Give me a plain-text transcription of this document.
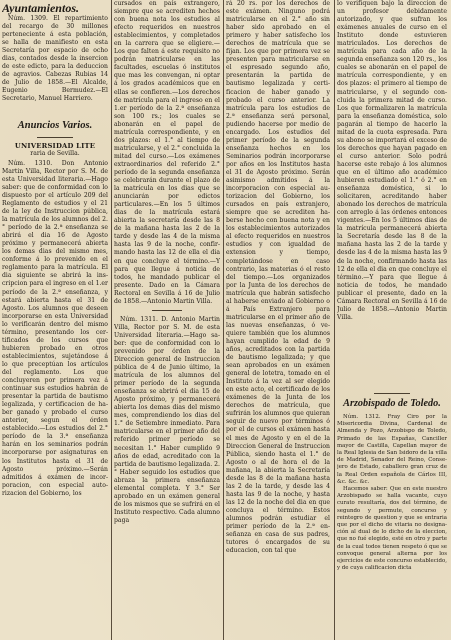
Ayuntamientos.

Núm. 1309. El repartimiento del recargo de 30 millones perteneciente á esta población, se halla de manifiesto en esta Secretaría por espacio de ocho dias, contados desde la insercion de este edicto, para la deduccion de agravios. Cabezas Rubias 14 de Julio de 1858.—El Alcalde, Eugenio Bermudez.—El Secretario, Manuel Harriero.

Anuncios Varios.

UNIVERSIDAD LITE

raria de Sevilla.

Núm. 1310. Don Antonio Martin Villa, Rector por S. M. de esta Universidad literaria.—Hago saber: que de conformidad con lo dispuesto por el artículo 209 del Reglamento de estudios y el 21 de la ley de Instruccion pública, la matrícula de los alumnos del 2.° período de la 2.ª enseñanza se abrirá el dia 16 de Agosto próximo y permanecerá abierta los demas dias del mismo mes, conforme á lo prevenido en el reglamento para la matrícula. El dia siguiente se abrirá la inscripcion para el ingreso en el 1.er período de la 2.ª enseñanza, y estará abierta hasta el 31 de Agosto. Los alumnos que deseen incorporarse en esta Universidad lo verificarán dentro del mismo término, presentando los certificados de los cursos que hubieren probado en otros establecimientos, sujetándose á lo que preceptúan los artículos del reglamento. Los que concluyeren por primera vez á continuar sus estudios habrán de presentar la partida de bautismo legalizada, y certificacion de haber ganado y probado el curso anterior, segun el órden establecido.—Los estudios del 2.° período de la 3.ª enseñanza harán en los seminarios podrán incorporarse por asignaturas en los Institutos hasta el 31 de Agosto próximo.—Serán admitidos á exámen de incorporacion, con especial autorizacion del Gobierno, los

cursados en país extrangero, siempre que se acrediten hechos con buena nota los estudios al efecto requeridos en nuestros establecimientos, y completados en la carrera que se eligiere.—Los que falten á este requisito no podrán matricularse en las facultades, escuelas ó institutos que mas les convengan, ni optar á los grados académicos que en ellas se confieren.—Los derechos de matrícula para el ingreso en el 1.er período de la 2.ª enseñanza son 100 rs.; los cuales se abonarán en el papel de matrícula correspondiente, y en dos plazos: el 1.° al tiempo de matricularse, y el 2.° concluida la mitad del curso.—Los exámenes extraordinarios del referido 2.° período de la segunda enseñanza se celebrarán durante el plazo de la matrícula en los dias que se anunciarán por edictos particulares.—En los 5 últimos dias de la matrícula estará abierta la secretaría desde las 8 de la mañana hasta las 2 de la tarde y desde las 4 de la misma hasta las 9 de la noche, confirmando hasta las 12 de ella el dia en que concluye el término.—Y para que llegue á noticia de todos, he mandado publicar el presente. Dado en la Cámara Rectoral en Sevilla á 16 de Julio de 1858.—Antonio Martin Villa.

Núm. 1311. D. Antonio Martin Villa, Rector por S. M. de esta Universidad literaria.—Hago saber: que de conformidad con lo prevenido por órden de la Direccion general de Instruccion pública de 4 de Junio último, la matrícula de los alumnos del primer período de la segunda enseñanza se abrirá el dia 15 de Agosto próximo, y permanecerá abierta los demas dias del mismo mes, comprendiendo los dias del 1.° de Setiembre inmediato. Para matricularse en el primer año del referido primer período se necesitan 1.° Haber cumplido 9 años de edad, acreditado con la partida de bautismo legalizada. 2.° Haber seguido los estudios que abraza la primera enseñanza elemental completa. Y 3.° Ser aprobado en un exámen general de los mismos que se sufrirá en el Instituto respectivo. Cada alumno paga

rá 20 rs. por los derechos de este exámen. Ninguno podrá matricularse en el 2.° año sin haber sido aprobado en el primero y haber satisfecho los derechos de matrícula que se fijan. Los que por primera vez se presenten para matricularse en el espresado segundo año, presentarán la partida de bautismo legalizada y certificacion de haber ganado y probado el curso anterior. La matrícula para los estudios de 2.ª enseñanza será personal, pudiendo hacerse por medio de encargado. Los estudios del primer período de la segunda enseñanza hechos en los Seminarios podrán incorporarse por años en los Institutos hasta el 31 de Agosto próximo. Serán asimismo admitidos á la incorporacion con especial autorizacion del Gobierno, los cursados en país extranjero, siempre que se acrediten haberse hecho con buena nota y en los establecimientos autorizados al efecto requeridos en nuestros estudios y con igualdad de extension y tiempo, completándose en caso contrario, las materias ó el resto del tiempo.—Los organizados por la Junta de los derechos de matrícula que habrán satisfecho al haberse enviado al Gobierno o á País Extranjero para matricularse en el primer año de las nuevas enseñanzas, ó vequiere también que los alumnos hayan cumplido la edad de 9 años, acreditados con la partida de bautismo legalizada; y que sean aprobados en un exámen general de lotetra, tomado en el Instituto á la vez al ser elegido en este acto, el certificado de los exámenes de la Junta de los derechos de matrícula, que sufrirán los alumnos que quieran seguir de nuevo por términos ó por el de cursos el exámen hasta el mes de Agosto y en el de la Direccion General de Instruccion Pública, siendo hasta el 1.° de Agosto o al de hora el de la mañana, la abierta la Secretaría desde las 8 de la mañana hasta las 2 de la tarde, y desde las 4 hasta las 9 de la noche, y hasta las 12 de la noche del dia en que concluya el término. Estos alumnos podrán estudiar el primer período de la 2.ª enseñanza en casa de sus padres, tutores ó encargados de su educacion, con tal que

lo verifiquen bajo la direccion de un profesor debidamente autorizado, y que sufran los exámenes anuales de curso en el Instituto donde estuvieren matriculados. Los derechos de matrícula para cada año de la segunda enseñanza son 120 rs., los cuales se abonarán en el papel de matrícula correspondiente, y en dos plazos: el primero al tiempo de matricularse, y el segundo concluida la primera mitad de curso. Los que formalizaren la matrícula para la enseñanza doméstica, solo pagarán al tiempo de hacerlo la mitad de la cuota espresada. Para su abono se importará el exceso de los derechos que hayan pagado en el curso anterior. Solo podrá hacerse este rebajo á los alumnos que en el último año académico hubieren estudiado el 1.° ó 2.° en enseñanza doméstica, si lo solicitaren, acreditando haber abonado los derechos de matrícula con arreglo á las órdenes entonces vigentes.—En los 5 últimos dias de la matrícula permanecerá abierta la Secretaría desde las 8 de la mañana hasta las 2 de la tarde y desde las 4 de la misma hasta las 9 de la noche, confirmando hasta las 12 de ella el dia en que concluye el término.—Y para que llegue á noticia de todos, he mandado publicar el presente, dado en la Cámara Rectoral en Sevilla á 16 de Julio de 1858.—Antonio Martin Villa.

Arzobispado de Toledo.

Núm. 1312. Fray Ciro por la Misericordia Divina, Cardenal de Almenda y Pozo, Arzobispo de Toledo, Primado de las Españas, Canciller mayor de Castilla, Capellan mayor de la Real Iglesia de San Isidoro de la villa de Madrid, Senador del Reino, Consejero de Estado, caballero gran cruz de la Real Orden española de Cárlos III, &c. &c. &c.

Hacemos saber: Que en este nuestro Arzobispado se halla vacante, cuyo curato resultaría, dos del término, de segundo y permute, concurso y reintegro de question y que se entraria que por el dicho de vitaria no designación al dual de lo dicho de la eleccion, que no fué elegido, esté en otro y parte de la cual todos tienen respeto ó que se convoque general alterna por los ejercicios de este concurso establecido, y de cuya calificacion dicta
